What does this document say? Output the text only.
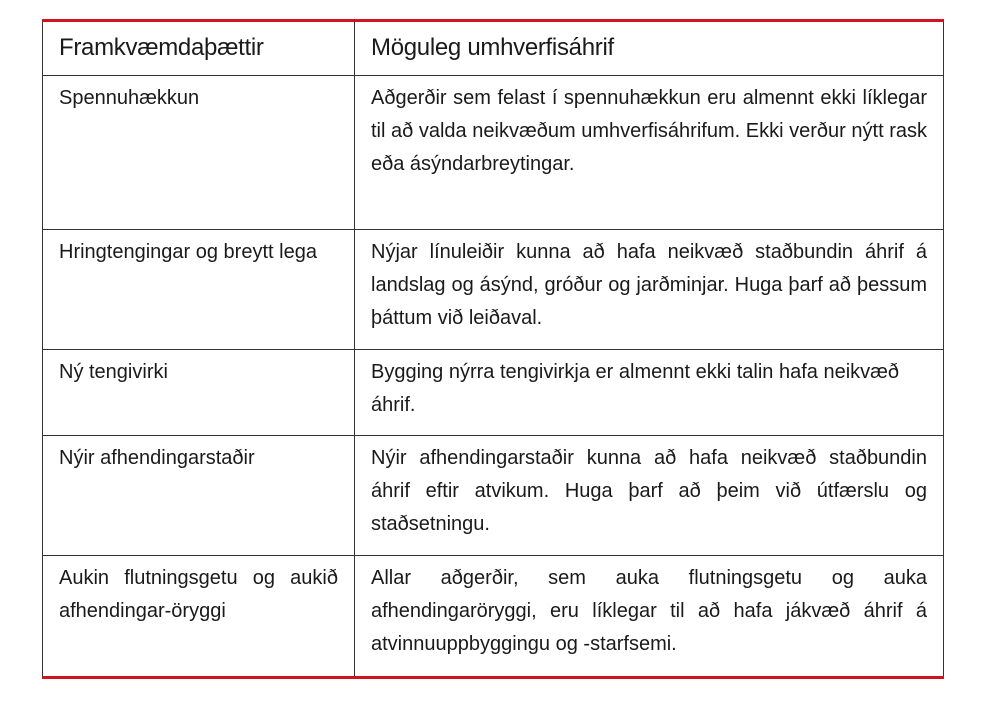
Framkvæmdaþættir	Möguleg umhverfisáhrif
Spennuhækkun	Aðgerðir sem felast í spennuhækkun eru almennt ekki líklegar til að valda neikvæðum umhverfisáhrifum. Ekki verður nýtt rask eða ásýndarbreytingar.
Hringtengingar og breytt lega	Nýjar línuleiðir kunna að hafa neikvæð staðbundin áhrif á landslag og ásýnd, gróður og jarðminjar. Huga þarf að þessum þáttum við leiðaval.
Ný tengivirki	Bygging nýrra tengivirkja er almennt ekki talin hafa neikvæð áhrif.
Nýir afhendingarstaðir	Nýir afhendingarstaðir kunna að hafa neikvæð staðbundin áhrif eftir atvikum. Huga þarf að þeim við útfærslu og staðsetningu.
Aukin flutningsgetu og aukið afhendingar-öryggi	Allar aðgerðir, sem auka flutningsgetu og auka afhendingaröryggi, eru líklegar til að hafa jákvæð áhrif á atvinnuuppbyggingu og -starfsemi.
